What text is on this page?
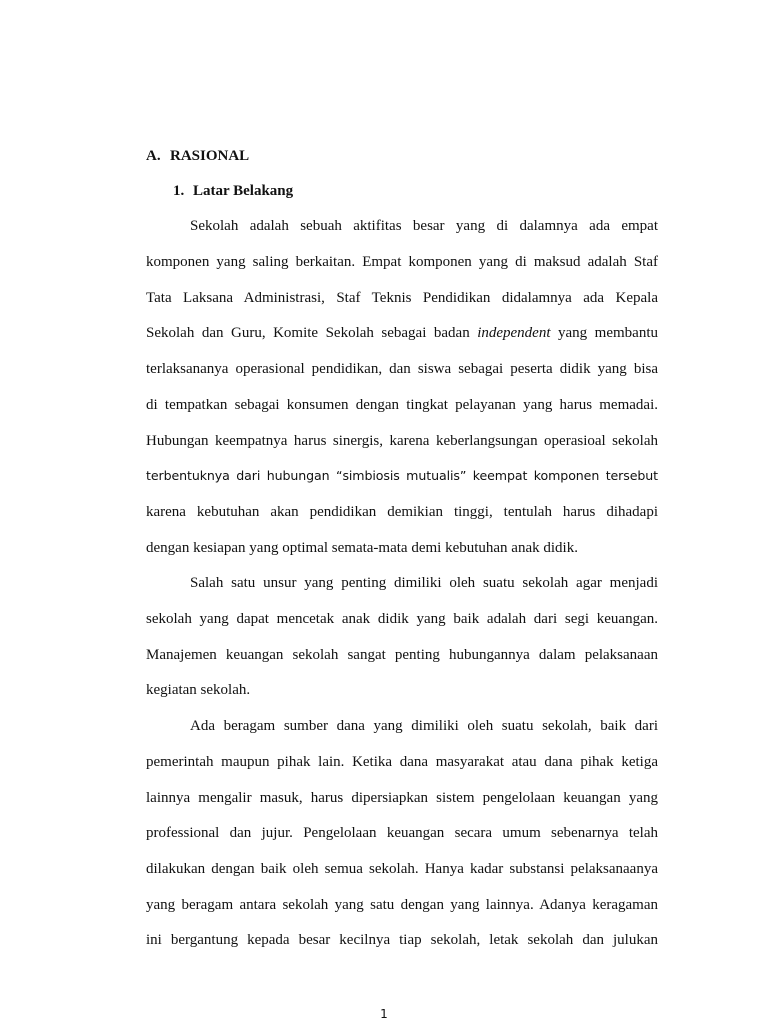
A. RASIONAL
1. Latar Belakang
Sekolah adalah sebuah aktifitas besar yang di dalamnya ada empat
komponen yang saling berkaitan. Empat komponen yang di maksud adalah Staf
Tata Laksana Administrasi, Staf Teknis Pendidikan didalamnya ada Kepala
Sekolah dan Guru, Komite Sekolah sebagai badan independent yang membantu
terlaksananya operasional pendidikan, dan siswa sebagai peserta didik yang bisa
di tempatkan sebagai konsumen dengan tingkat pelayanan yang harus memadai.
Hubungan keempatnya harus sinergis, karena keberlangsungan operasioal sekolah
terbentuknya dari hubungan “simbiosis mutualis” keempat komponen tersebut
karena kebutuhan akan pendidikan demikian tinggi, tentulah harus dihadapi
dengan kesiapan yang optimal semata-mata demi kebutuhan anak didik.
Salah satu unsur yang penting dimiliki oleh suatu sekolah agar menjadi
sekolah yang dapat mencetak anak didik yang baik adalah dari segi keuangan.
Manajemen keuangan sekolah sangat penting hubungannya dalam pelaksanaan
kegiatan sekolah.
Ada beragam sumber dana yang dimiliki oleh suatu sekolah, baik dari
pemerintah maupun pihak lain. Ketika dana masyarakat atau dana pihak ketiga
lainnya mengalir masuk, harus dipersiapkan sistem pengelolaan keuangan yang
professional dan jujur. Pengelolaan keuangan secara umum sebenarnya telah
dilakukan dengan baik oleh semua sekolah. Hanya kadar substansi pelaksanaanya
yang beragam antara sekolah yang satu dengan yang lainnya. Adanya keragaman
ini bergantung kepada besar kecilnya tiap sekolah, letak sekolah dan julukan
1
